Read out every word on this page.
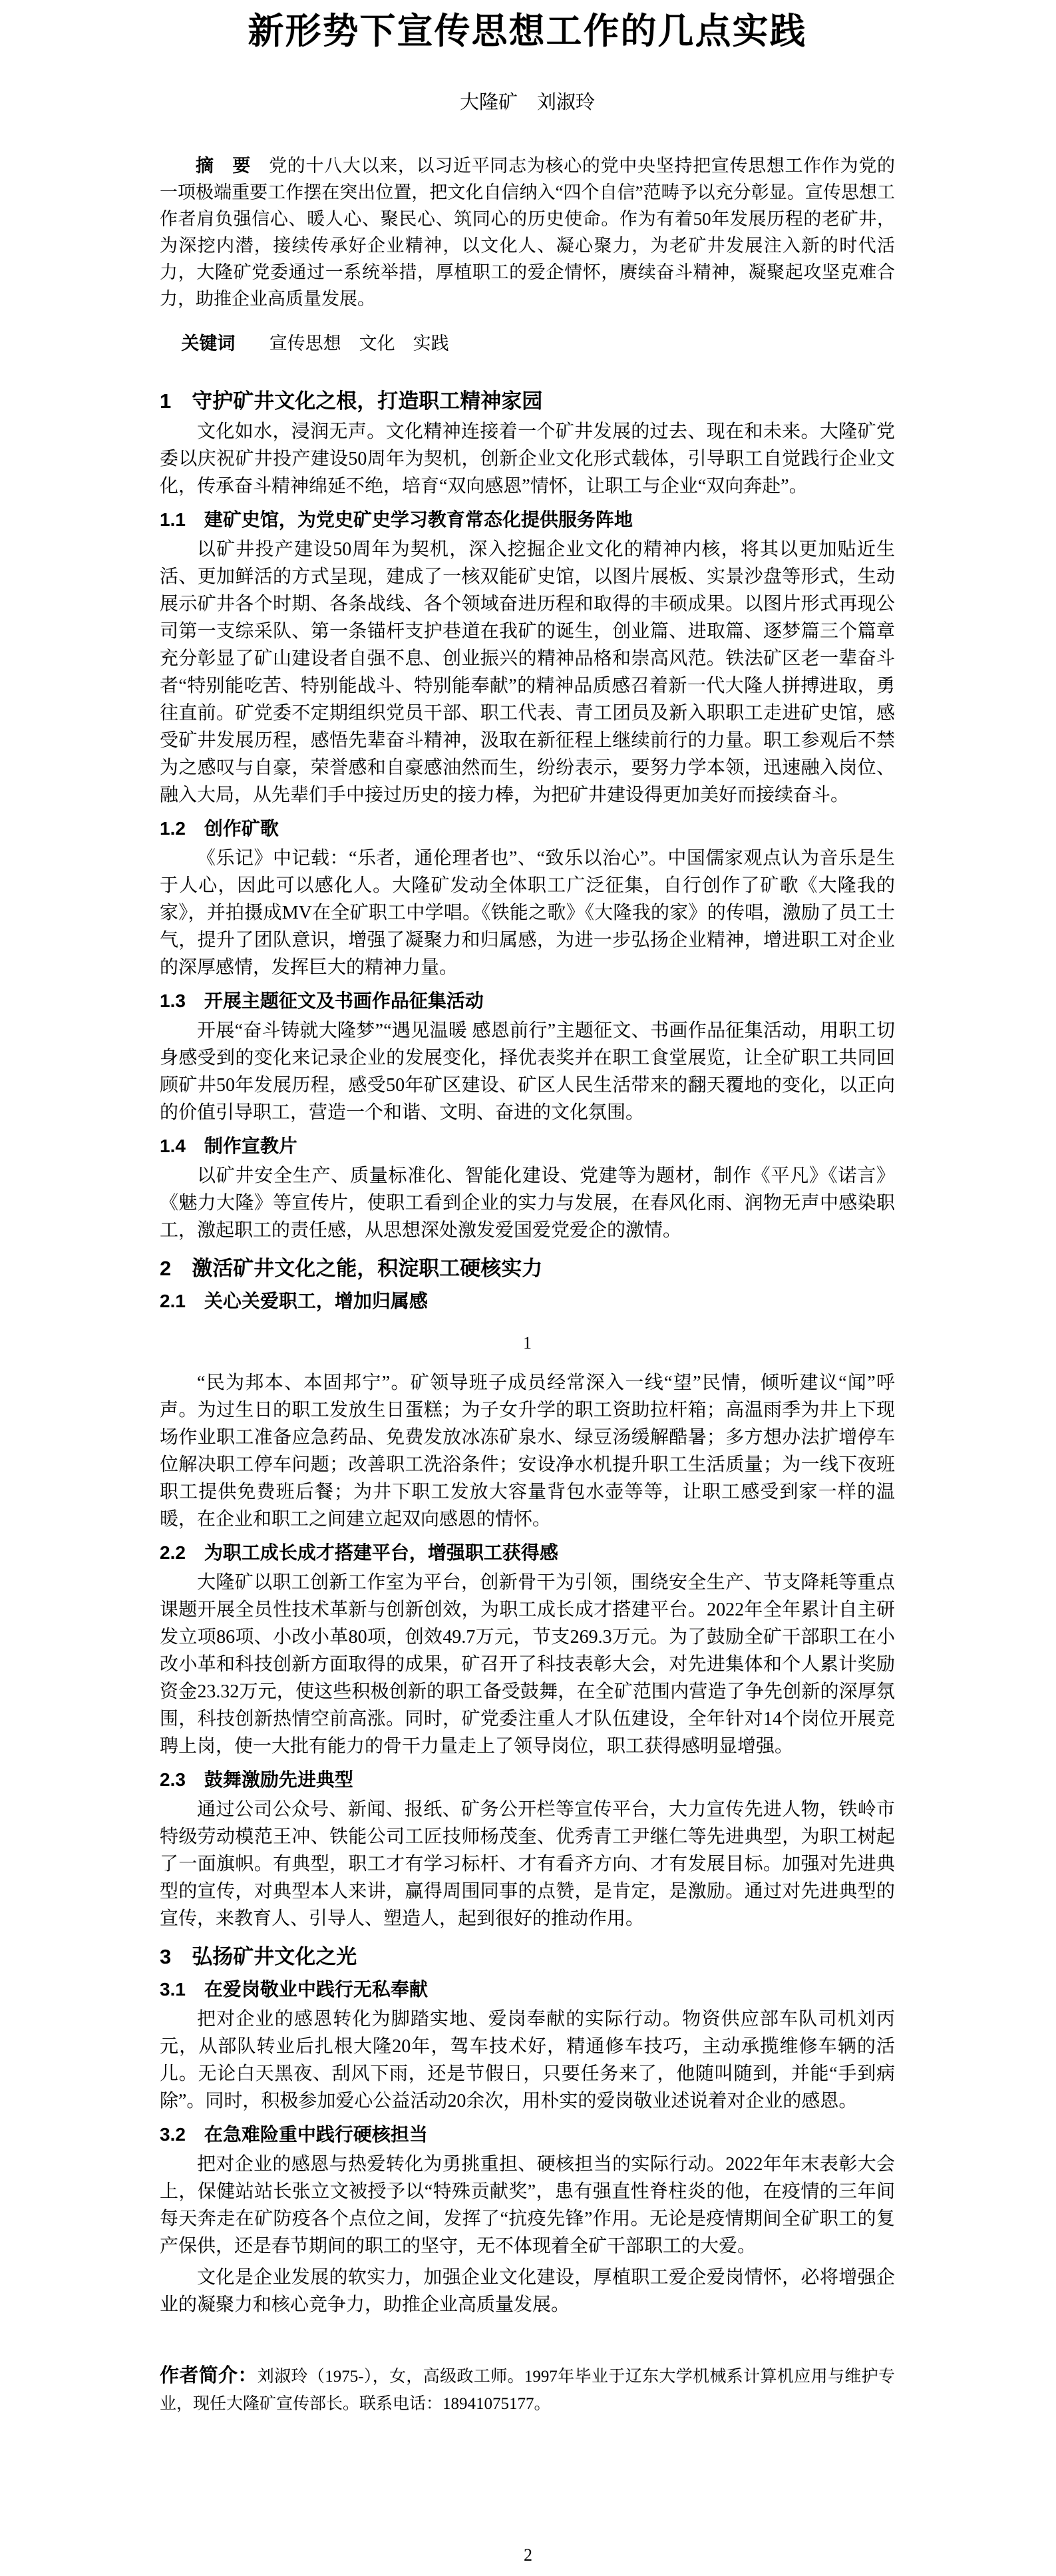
新形势下宣传思想工作的几点实践
大隆矿　刘淑玲

摘　要 党的十八大以来，以习近平同志为核心的党中央坚持把宣传思想工作作为党的一项极端重要工作摆在突出位置，把文化自信纳入“四个自信”范畴予以充分彰显。宣传思想工作者肩负强信心、暖人心、聚民心、筑同心的历史使命。作为有着50年发展历程的老矿井，为深挖内潜，接续传承好企业精神，以文化人、凝心聚力，为老矿井发展注入新的时代活力，大隆矿党委通过一系统举措，厚植职工的爱企情怀，赓续奋斗精神，凝聚起攻坚克难合力，助推企业高质量发展。

关键词 宣传思想　文化　实践

1　守护矿井文化之根，打造职工精神家园

文化如水，浸润无声。文化精神连接着一个矿井发展的过去、现在和未来。大隆矿党委以庆祝矿井投产建设50周年为契机，创新企业文化形式载体，引导职工自觉践行企业文化，传承奋斗精神绵延不绝，培育“双向感恩”情怀，让职工与企业“双向奔赴”。

1.1　建矿史馆，为党史矿史学习教育常态化提供服务阵地

以矿井投产建设50周年为契机，深入挖掘企业文化的精神内核，将其以更加贴近生活、更加鲜活的方式呈现，建成了一核双能矿史馆，以图片展板、实景沙盘等形式，生动展示矿井各个时期、各条战线、各个领域奋进历程和取得的丰硕成果。以图片形式再现公司第一支综采队、第一条锚杆支护巷道在我矿的诞生，创业篇、进取篇、逐梦篇三个篇章充分彰显了矿山建设者自强不息、创业振兴的精神品格和崇高风范。铁法矿区老一辈奋斗者“特别能吃苦、特别能战斗、特别能奉献”的精神品质感召着新一代大隆人拼搏进取，勇往直前。矿党委不定期组织党员干部、职工代表、青工团员及新入职职工走进矿史馆，感受矿井发展历程，感悟先辈奋斗精神，汲取在新征程上继续前行的力量。职工参观后不禁为之感叹与自豪，荣誉感和自豪感油然而生，纷纷表示，要努力学本领，迅速融入岗位、融入大局，从先辈们手中接过历史的接力棒，为把矿井建设得更加美好而接续奋斗。

1.2　创作矿歌

《乐记》中记载：“乐者，通伦理者也”、“致乐以治心”。中国儒家观点认为音乐是生于人心，因此可以感化人。大隆矿发动全体职工广泛征集，自行创作了矿歌《大隆我的家》，并拍摄成MV在全矿职工中学唱。《铁能之歌》《大隆我的家》的传唱，激励了员工士气，提升了团队意识，增强了凝聚力和归属感，为进一步弘扬企业精神，增进职工对企业的深厚感情，发挥巨大的精神力量。

1.3　开展主题征文及书画作品征集活动

开展“奋斗铸就大隆梦”“遇见温暖 感恩前行”主题征文、书画作品征集活动，用职工切身感受到的变化来记录企业的发展变化，择优表奖并在职工食堂展览，让全矿职工共同回顾矿井50年发展历程，感受50年矿区建设、矿区人民生活带来的翻天覆地的变化，以正向的价值引导职工，营造一个和谐、文明、奋进的文化氛围。

1.4　制作宣教片

以矿井安全生产、质量标准化、智能化建设、党建等为题材，制作《平凡》《诺言》《魅力大隆》等宣传片，使职工看到企业的实力与发展，在春风化雨、润物无声中感染职工，激起职工的责任感，从思想深处激发爱国爱党爱企的激情。

2　激活矿井文化之能，积淀职工硬核实力
2.1　关心关爱职工，增加归属感
1

“民为邦本、本固邦宁”。矿领导班子成员经常深入一线“望”民情，倾听建议“闻”呼声。为过生日的职工发放生日蛋糕；为子女升学的职工资助拉杆箱；高温雨季为井上下现场作业职工准备应急药品、免费发放冰冻矿泉水、绿豆汤缓解酷暑；多方想办法扩增停车位解决职工停车问题；改善职工洗浴条件；安设净水机提升职工生活质量；为一线下夜班职工提供免费班后餐；为井下职工发放大容量背包水壶等等，让职工感受到家一样的温暖，在企业和职工之间建立起双向感恩的情怀。

2.2　为职工成长成才搭建平台，增强职工获得感

大隆矿以职工创新工作室为平台，创新骨干为引领，围绕安全生产、节支降耗等重点课题开展全员性技术革新与创新创效，为职工成长成才搭建平台。2022年全年累计自主研发立项86项、小改小革80项，创效49.7万元，节支269.3万元。为了鼓励全矿干部职工在小改小革和科技创新方面取得的成果，矿召开了科技表彰大会，对先进集体和个人累计奖励资金23.32万元，使这些积极创新的职工备受鼓舞，在全矿范围内营造了争先创新的深厚氛围，科技创新热情空前高涨。同时，矿党委注重人才队伍建设，全年针对14个岗位开展竞聘上岗，使一大批有能力的骨干力量走上了领导岗位，职工获得感明显增强。

2.3　鼓舞激励先进典型

通过公司公众号、新闻、报纸、矿务公开栏等宣传平台，大力宣传先进人物，铁岭市特级劳动模范王冲、铁能公司工匠技师杨茂奎、优秀青工尹继仁等先进典型，为职工树起了一面旗帜。有典型，职工才有学习标杆、才有看齐方向、才有发展目标。加强对先进典型的宣传，对典型本人来讲，赢得周围同事的点赞，是肯定，是激励。通过对先进典型的宣传，来教育人、引导人、塑造人，起到很好的推动作用。

3　弘扬矿井文化之光
3.1　在爱岗敬业中践行无私奉献

把对企业的感恩转化为脚踏实地、爱岗奉献的实际行动。物资供应部车队司机刘丙元，从部队转业后扎根大隆20年，驾车技术好，精通修车技巧，主动承揽维修车辆的活儿。无论白天黑夜、刮风下雨，还是节假日，只要任务来了，他随叫随到，并能“手到病除”。同时，积极参加爱心公益活动20余次，用朴实的爱岗敬业述说着对企业的感恩。

3.2　在急难险重中践行硬核担当

把对企业的感恩与热爱转化为勇挑重担、硬核担当的实际行动。2022年年末表彰大会上，保健站站长张立文被授予以“特殊贡献奖”，患有强直性脊柱炎的他，在疫情的三年间每天奔走在矿防疫各个点位之间，发挥了“抗疫先锋”作用。无论是疫情期间全矿职工的复产保供，还是春节期间的职工的坚守，无不体现着全矿干部职工的大爱。

文化是企业发展的软实力，加强企业文化建设，厚植职工爱企爱岗情怀，必将增强企业的凝聚力和核心竞争力，助推企业高质量发展。

作者简介：刘淑玲（1975-），女，高级政工师。1997年毕业于辽东大学机械系计算机应用与维护专业，现任大隆矿宣传部长。联系电话：18941075177。

2
